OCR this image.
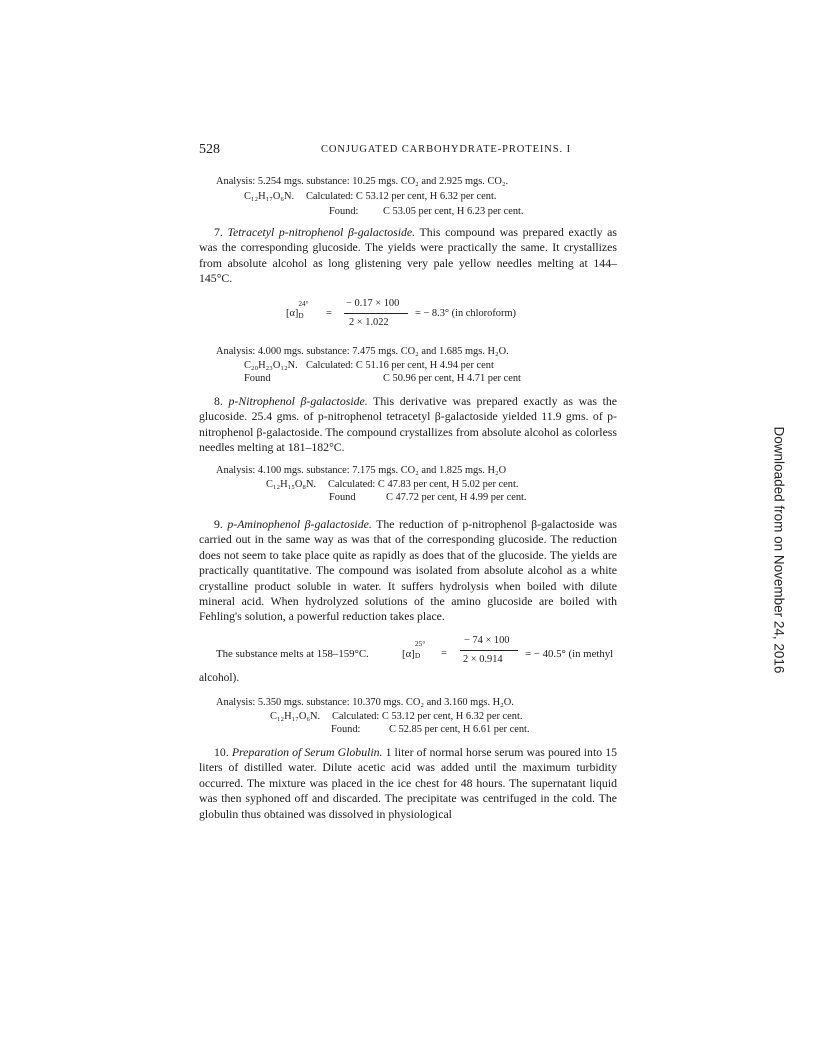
528	CONJUGATED CARBOHYDRATE-PROTEINS. I
Analysis: 5.254 mgs. substance: 10.25 mgs. CO₂ and 2.925 mgs. CO₂.
C₁₂H₁₇O₆N. Calculated: C 53.12 per cent, H 6.32 per cent.
Found: C 53.05 per cent, H 6.23 per cent.
7. Tetracetyl p-nitrophenol β-galactoside. This compound was prepared exactly as was the corresponding glucoside. The yields were practically the same. It crystallizes from absolute alcohol as long glistening very pale yellow needles melting at 144–145°C.
[α]
24°
D =
− 0.17 × 100
2 × 1.022
= − 8.3° (in chloroform)
Analysis: 4.000 mgs. substance: 7.475 mgs. CO₂ and 1.685 mgs. H₂O.
C₂₀H₂₃O₁₂N. Calculated: C 51.16 per cent, H 4.94 per cent
Found	C 50.96 per cent, H 4.71 per cent
8. p-Nitrophenol β-galactoside. This derivative was prepared exactly as was the glucoside. 25.4 gms. of p-nitrophenol tetracetyl β-galactoside yielded 11.9 gms. of p-nitrophenol β-galactoside. The compound crystallizes from absolute alcohol as colorless needles melting at 181–182°C.
Analysis: 4.100 mgs. substance: 7.175 mgs. CO₂ and 1.825 mgs. H₂O
C₁₂H₁₅O₈N. Calculated: C 47.83 per cent, H 5.02 per cent.
Found	C 47.72 per cent, H 4.99 per cent.
9. p-Aminophenol β-galactoside. The reduction of p-nitrophenol β-galactoside was carried out in the same way as was that of the corresponding glucoside. The reduction does not seem to take place quite as rapidly as does that of the glucoside. The yields are practically quantitative. The compound was isolated from absolute alcohol as a white crystalline product soluble in water. It suffers hydrolysis when boiled with dilute mineral acid. When hydrolyzed solutions of the amino glucoside are boiled with Fehling's solution, a powerful reduction takes place.
The substance melts at 158–159°C.	[α]
25°
D =
− 74 × 100
2 × 0.914 = − 40.5° (in methyl
alcohol).
Analysis: 5.350 mgs. substance: 10.370 mgs. CO₂ and 3.160 mgs. H₂O.
C₁₂H₁₇O₆N. Calculated: C 53.12 per cent, H 6.32 per cent.
Found:	C 52.85 per cent, H 6.61 per cent.
10. Preparation of Serum Globulin. 1 liter of normal horse serum was poured into 15 liters of distilled water. Dilute acetic acid was added until the maximum turbidity occurred. The mixture was placed in the ice chest for 48 hours. The supernatant liquid was then syphoned off and discarded. The precipitate was centrifuged in the cold. The globulin thus obtained was dissolved in physiological
Downloaded from on November 24, 2016
